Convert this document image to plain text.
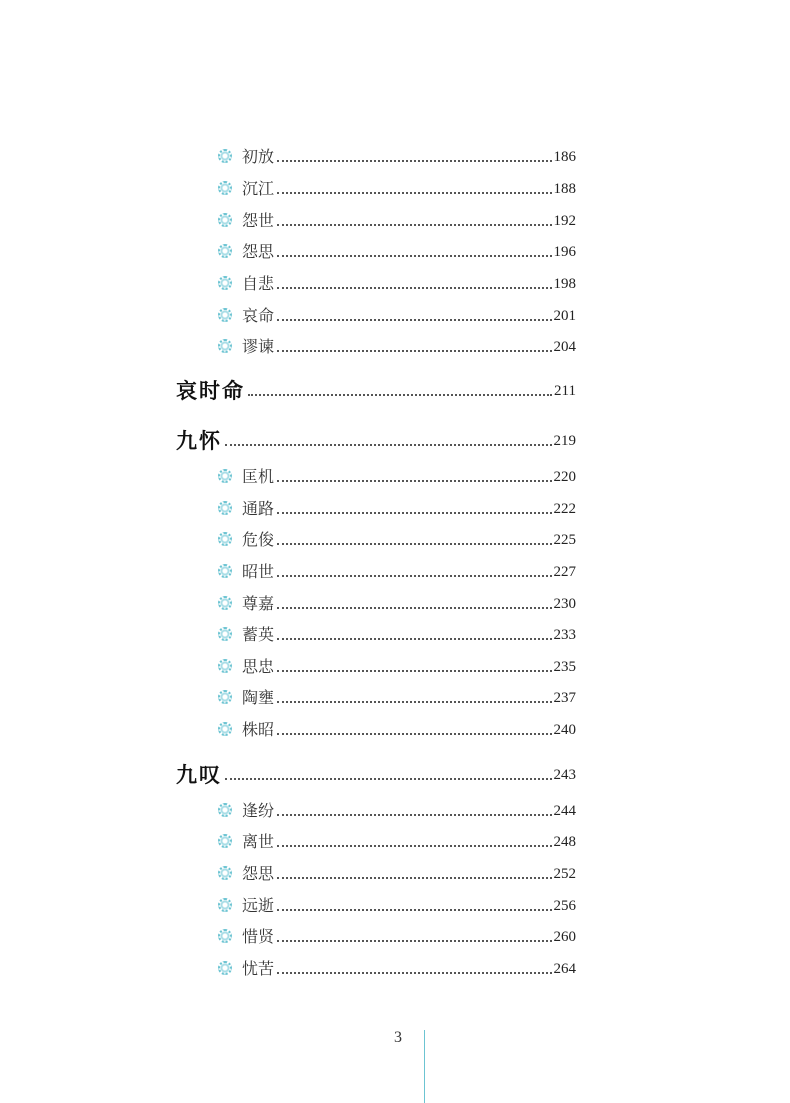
初放	186
沉江	188
怨世	192
怨思	196
自悲	198
哀命	201
谬谏	204
哀时命	211
九怀	219
匡机	220
通路	222
危俊	225
昭世	227
尊嘉	230
蓄英	233
思忠	235
陶壅	237
株昭	240
九叹	243
逢纷	244
离世	248
怨思	252
远逝	256
惜贤	260
忧苦	264
3
